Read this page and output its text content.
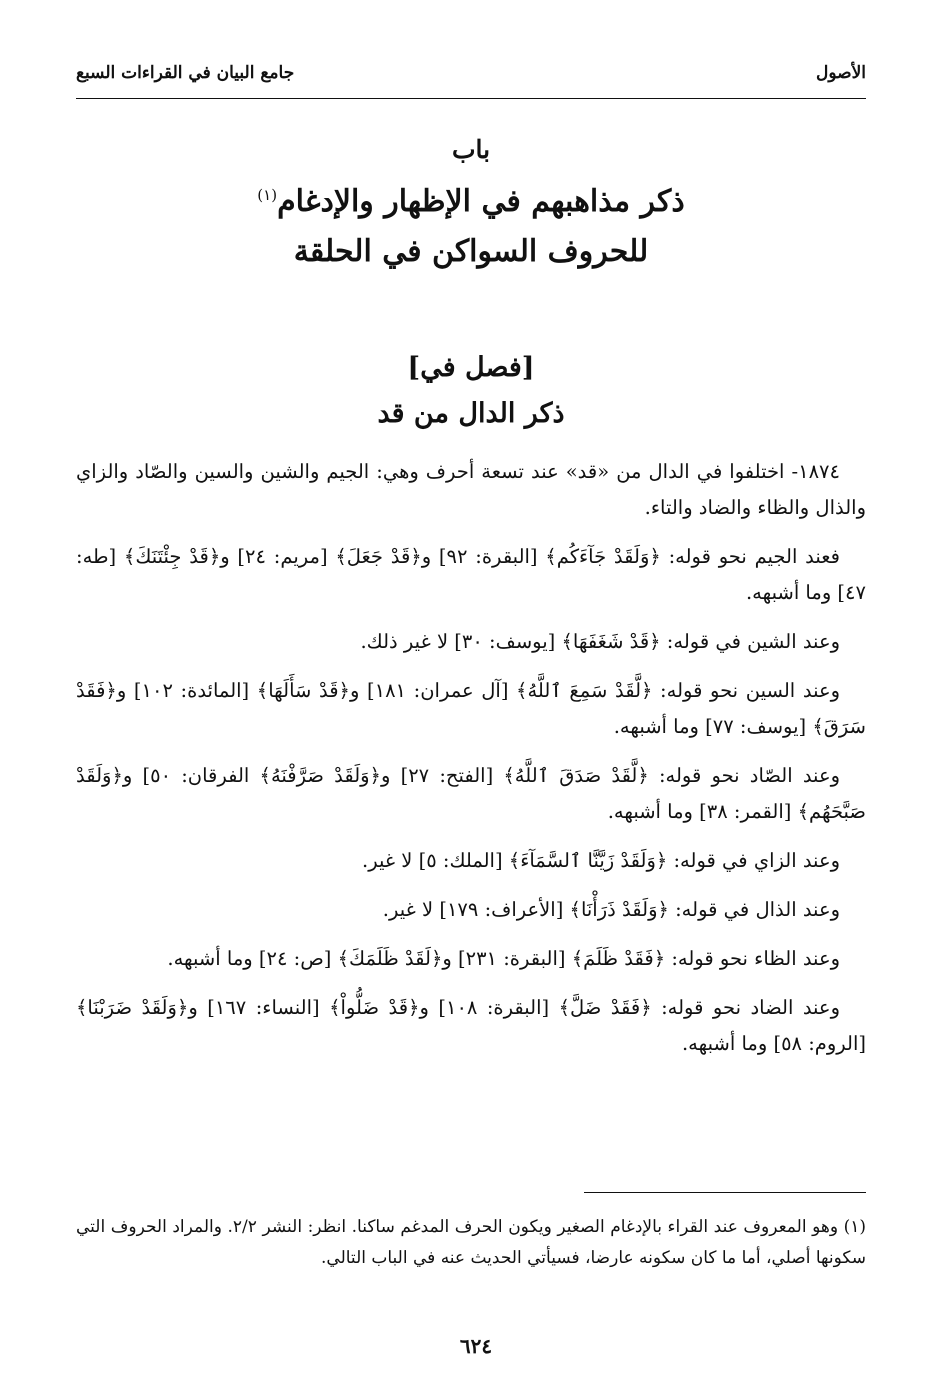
الأصول
جامع البيان في القراءات السبع
باب
ذكر مذاهبهم في الإظهار والإدغام$^{(١)}$
للحروف السواكن في الحلقة
[فصل في]
ذكر الدال من قد

١٨٧٤- اختلفوا في الدال من «قد» عند تسعة أحرف وهي: الجيم والشين والسين والصّاد والزاي والذال والظاء والضاد والتاء.

فعند الجيم نحو قوله: ﴿وَلَقَدْ جَآءَكُم﴾ [البقرة: ٩٢] و﴿قَدْ جَعَلَ﴾ [مريم: ٢٤] و﴿قَدْ جِئْتَنَكَ﴾ [طه: ٤٧] وما أشبهه.

وعند الشين في قوله: ﴿قَدْ شَغَفَهَا﴾ [يوسف: ٣٠] لا غير ذلك.

وعند السين نحو قوله: ﴿لَّقَدْ سَمِعَ ٱللَّهُ﴾ [آل عمران: ١٨١] و﴿قَدْ سَأَلَهَا﴾ [المائدة: ١٠٢] و﴿فَقَدْ سَرَقَ﴾ [يوسف: ٧٧] وما أشبهه.

وعند الصّاد نحو قوله: ﴿لَّقَدْ صَدَقَ ٱللَّهُ﴾ [الفتح: ٢٧] و﴿وَلَقَدْ صَرَّفْنَهُ﴾ الفرقان: ٥٠] و﴿وَلَقَدْ صَبَّحَهُم﴾ [القمر: ٣٨] وما أشبهه.

وعند الزاي في قوله: ﴿وَلَقَدْ زَيَّنَّا ٱلسَّمَآءَ﴾ [الملك: ٥] لا غير.

وعند الذال في قوله: ﴿وَلَقَدْ ذَرَأْنَا﴾ [الأعراف: ١٧٩] لا غير.

وعند الظاء نحو قوله: ﴿فَقَدْ ظَلَمَ﴾ [البقرة: ٢٣١] و﴿لَقَدْ ظَلَمَكَ﴾ [ص: ٢٤] وما أشبهه.

وعند الضاد نحو قوله: ﴿فَقَدْ ضَلَّ﴾ [البقرة: ١٠٨] و﴿قَدْ ضَلُّواْ﴾ [النساء: ١٦٧] و﴿وَلَقَدْ ضَرَبْنَا﴾ [الروم: ٥٨] وما أشبهه.

(١) وهو المعروف عند القراء بالإدغام الصغير ويكون الحرف المدغم ساكنا. انظر: النشر ٢/٢. والمراد الحروف التي سكونها أصلي، أما ما كان سكونه عارضا، فسيأتي الحديث عنه في الباب التالي.
٦٢٤
